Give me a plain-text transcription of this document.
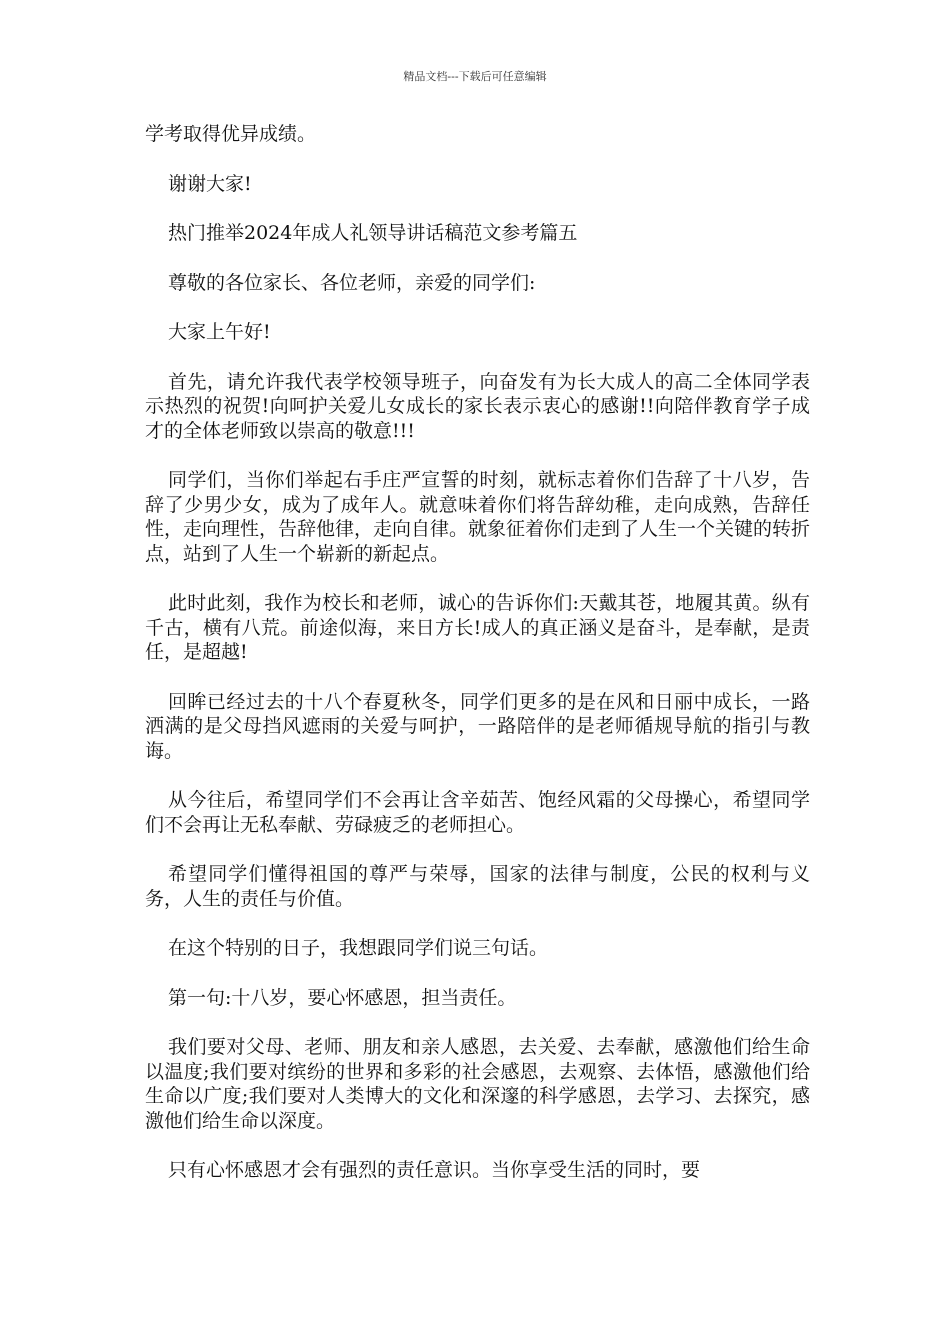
精品文档---下载后可任意编辑

学考取得优异成绩。

谢谢大家!

热门推举2024年成人礼领导讲话稿范文参考篇五

尊敬的各位家长、各位老师，亲爱的同学们:

大家上午好!

首先，请允许我代表学校领导班子，向奋发有为长大成人的高二全体同学表示热烈的祝贺!向呵护关爱儿女成长的家长表示衷心的感谢!!向陪伴教育学子成才的全体老师致以崇高的敬意!!!

同学们，当你们举起右手庄严宣誓的时刻，就标志着你们告辞了十八岁，告辞了少男少女，成为了成年人。就意味着你们将告辞幼稚，走向成熟，告辞任性，走向理性，告辞他律，走向自律。就象征着你们走到了人生一个关键的转折点，站到了人生一个崭新的新起点。

此时此刻，我作为校长和老师，诚心的告诉你们:天戴其苍，地履其黄。纵有千古，横有八荒。前途似海，来日方长!成人的真正涵义是奋斗，是奉献，是责任，是超越!

回眸已经过去的十八个春夏秋冬，同学们更多的是在风和日丽中成长，一路洒满的是父母挡风遮雨的关爱与呵护，一路陪伴的是老师循规导航的指引与教诲。

从今往后，希望同学们不会再让含辛茹苦、饱经风霜的父母操心，希望同学们不会再让无私奉献、劳碌疲乏的老师担心。

希望同学们懂得祖国的尊严与荣辱，国家的法律与制度，公民的权利与义务，人生的责任与价值。

在这个特别的日子，我想跟同学们说三句话。

第一句:十八岁，要心怀感恩，担当责任。

我们要对父母、老师、朋友和亲人感恩，去关爱、去奉献，感激他们给生命以温度;我们要对缤纷的世界和多彩的社会感恩，去观察、去体悟，感激他们给生命以广度;我们要对人类博大的文化和深邃的科学感恩，去学习、去探究，感激他们给生命以深度。

只有心怀感恩才会有强烈的责任意识。当你享受生活的同时，要
